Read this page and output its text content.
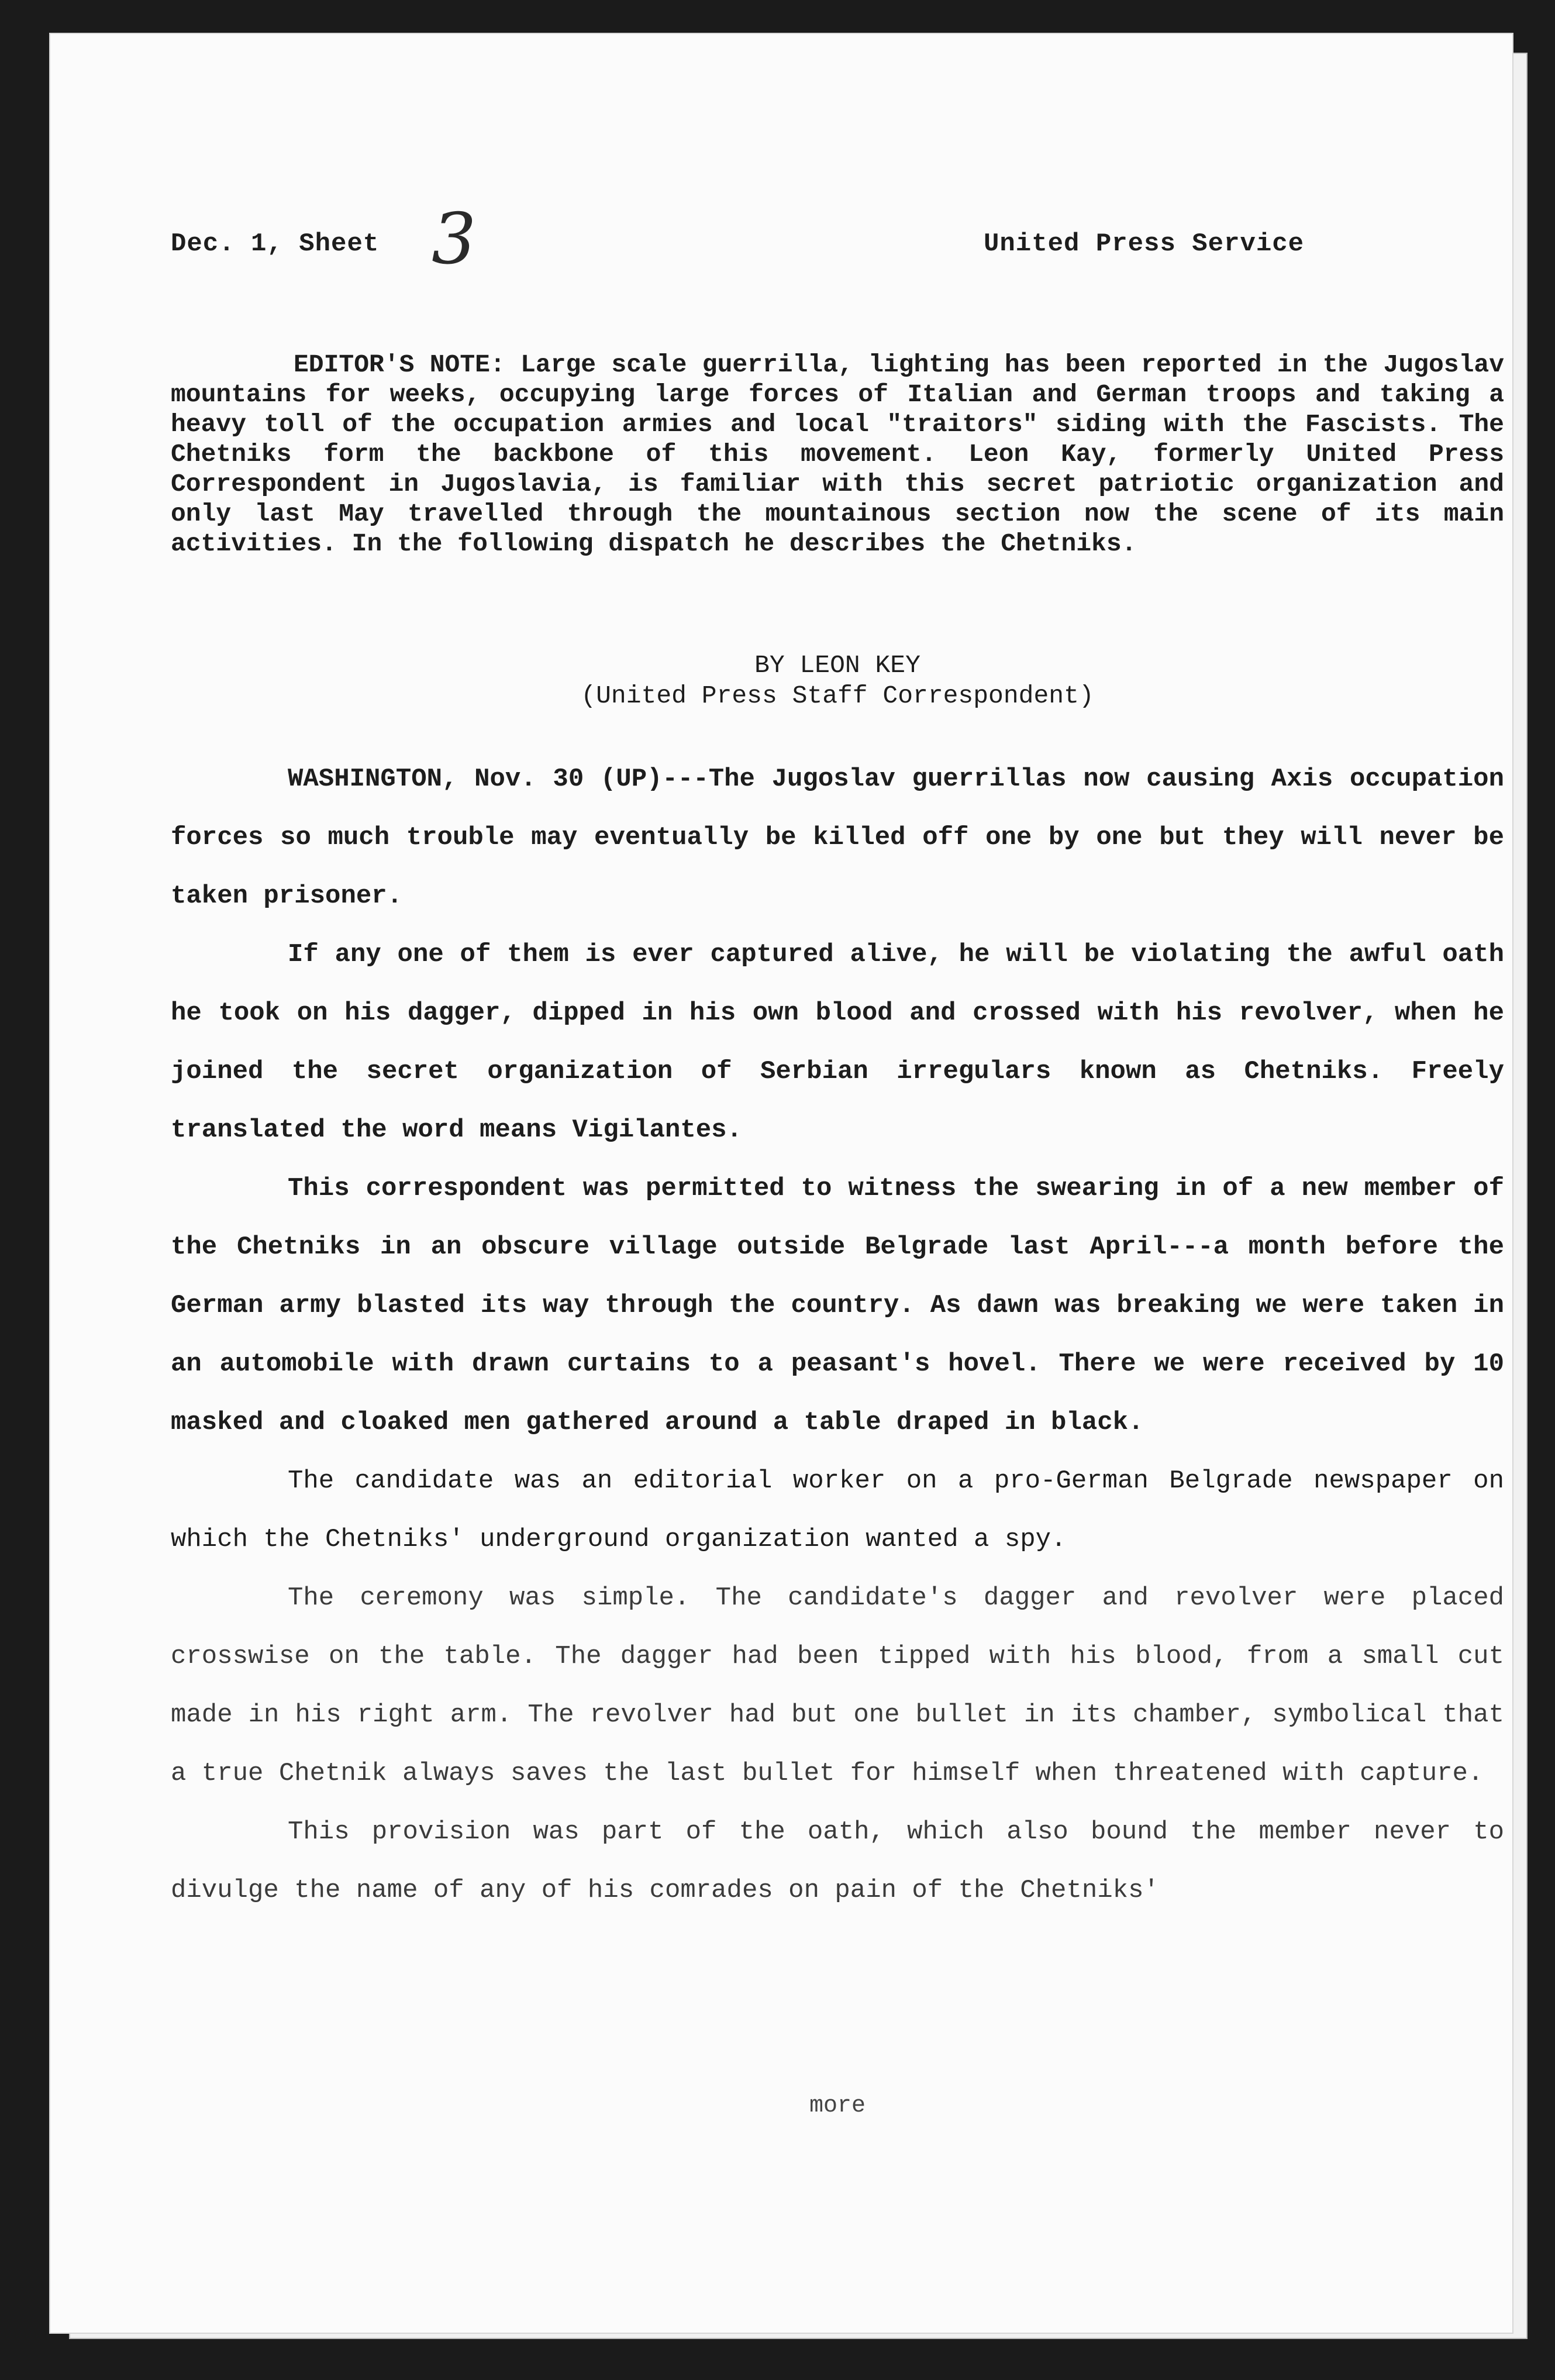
Dec. 1, Sheet 3	United Press Service

EDITOR'S NOTE: Large scale guerrilla, lighting has been reported in the Jugoslav mountains for weeks, occupying large forces of Italian and German troops and taking a heavy toll of the occupation armies and local "traitors" siding with the Fascists. The Chetniks form the backbone of this movement. Leon Kay, formerly United Press Correspondent in Jugoslavia, is familiar with this secret patriotic organization and only last May travelled through the mountainous section now the scene of its main activities. In the following dispatch he describes the Chetniks.

BY LEON KEY
(United Press Staff Correspondent)

WASHINGTON, Nov. 30 (UP)---The Jugoslav guerrillas now causing Axis occupation forces so much trouble may eventually be killed off one by one but they will never be taken prisoner.

If any one of them is ever captured alive, he will be violating the awful oath he took on his dagger, dipped in his own blood and crossed with his revolver, when he joined the secret organization of Serbian irregulars known as Chetniks. Freely translated the word means Vigilantes.

This correspondent was permitted to witness the swearing in of a new member of the Chetniks in an obscure village outside Belgrade last April---a month before the German army blasted its way through the country. As dawn was breaking we were taken in an automobile with drawn curtains to a peasant's hovel. There we were received by 10 masked and cloaked men gathered around a table draped in black.

The candidate was an editorial worker on a pro-German Belgrade newspaper on which the Chetniks' underground organization wanted a spy.

The ceremony was simple. The candidate's dagger and revolver were placed crosswise on the table. The dagger had been tipped with his blood, from a small cut made in his right arm. The revolver had but one bullet in its chamber, symbolical that a true Chetnik always saves the last bullet for himself when threatened with capture.

This provision was part of the oath, which also bound the member never to divulge the name of any of his comrades on pain of the Chetniks'

more
